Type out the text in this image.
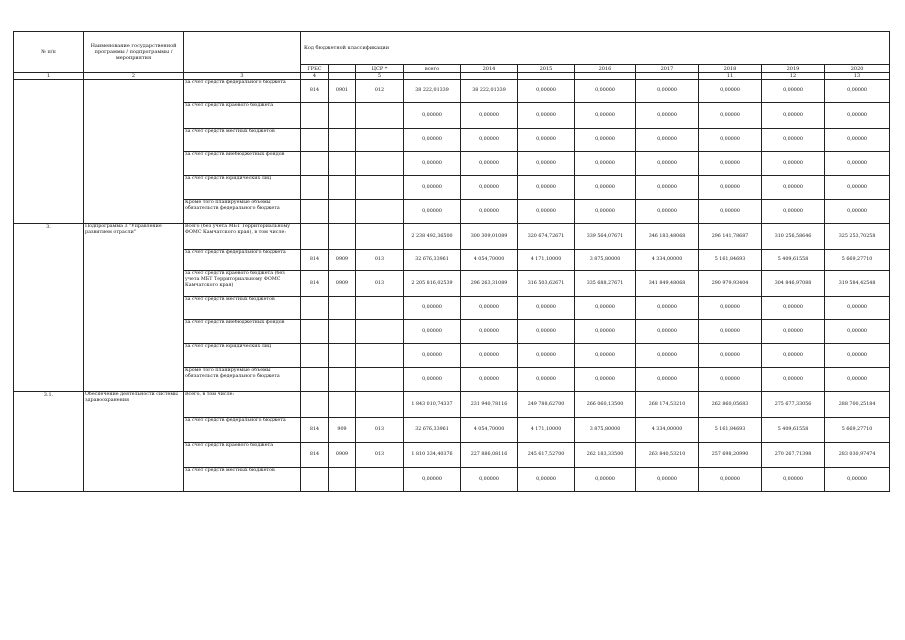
№ п/п	Наименование государственной программы / подпрограммы / мероприятия		Код бюджетной классификации										
			ГРБС		ЦСР *	всего	2014	2015	2016	2017	2018	2019	2020
1	2	3	4		5						11	12	13
		за счет средств федерального бюджета	814	0901	012	38 222,01339	38 222,01339	0,00000	0,00000	0,00000	0,00000	0,00000	0,00000
		за счет средств краевого бюджета				0,00000	0,00000	0,00000	0,00000	0,00000	0,00000	0,00000	0,00000
		за счет средств местных бюджетов				0,00000	0,00000	0,00000	0,00000	0,00000	0,00000	0,00000	0,00000
		за счет средств внебюджетных фондов				0,00000	0,00000	0,00000	0,00000	0,00000	0,00000	0,00000	0,00000
		за счет средств юридических лиц				0,00000	0,00000	0,00000	0,00000	0,00000	0,00000	0,00000	0,00000
		Кроме того планируемые объемы обязательств федерального бюджета				0,00000	0,00000	0,00000	0,00000	0,00000	0,00000	0,00000	0,00000
3.	Подпрограмма 3 "Управление развитием отрасли"	Всего (без учета МБТ Территориальному ФОМС Камчатского края), в том числе:				2 238 492,36500	300 309,01089	320 674,72671	339 564,07671	346 183,48068	296 141,78687	310 256,58646	325 253,70258
		за счет средств федерального бюджета	814	0909	013	32 676,33961	4 054,70000	4 171,10000	3 875,80000	4 334,00000	5 161,84693	5 409,61558	5 669,27710
		за счет средств краевого бюджета (без учета МБТ Территориальному ФОМС Камчатского края)	814	0909	013	2 205 816,02539	296 263,31089	316 503,62671	335 688,27671	341 849,48068	290 979,93404	304 846,97088	319 584,42548
		за счет средств местных бюджетов				0,00000	0,00000	0,00000	0,00000	0,00000	0,00000	0,00000	0,00000
		за счет средств внебюджетных фондов				0,00000	0,00000	0,00000	0,00000	0,00000	0,00000	0,00000	0,00000
		за счет средств юридических лиц				0,00000	0,00000	0,00000	0,00000	0,00000	0,00000	0,00000	0,00000
		Кроме того планируемые объемы обязательств федерального бюджета				0,00000	0,00000	0,00000	0,00000	0,00000	0,00000	0,00000	0,00000
3.1.	Обеспечение деятельности системы здравоохранения	Всего, в том числе:				1 843 010,74337	231 940,78116	249 788,62700	266 060,13500	268 174,53210	262 860,05683	275 677,33056	288 700,25184
		за счет средств федерального бюджета	814	909	013	32 676,33961	4 054,70000	4 171,10000	3 875,80000	4 334,00000	5 161,84693	5 409,61558	5 669,27710
		за счет средств краевого бюджета	814	0909	013	1 810 334,40376	227 886,08116	245 617,52700	262 183,33500	263 840,53210	257 698,20990	270 267,71398	283 030,97474
		за счет средств местных бюджетов				0,00000	0,00000	0,00000	0,00000	0,00000	0,00000	0,00000	0,00000
